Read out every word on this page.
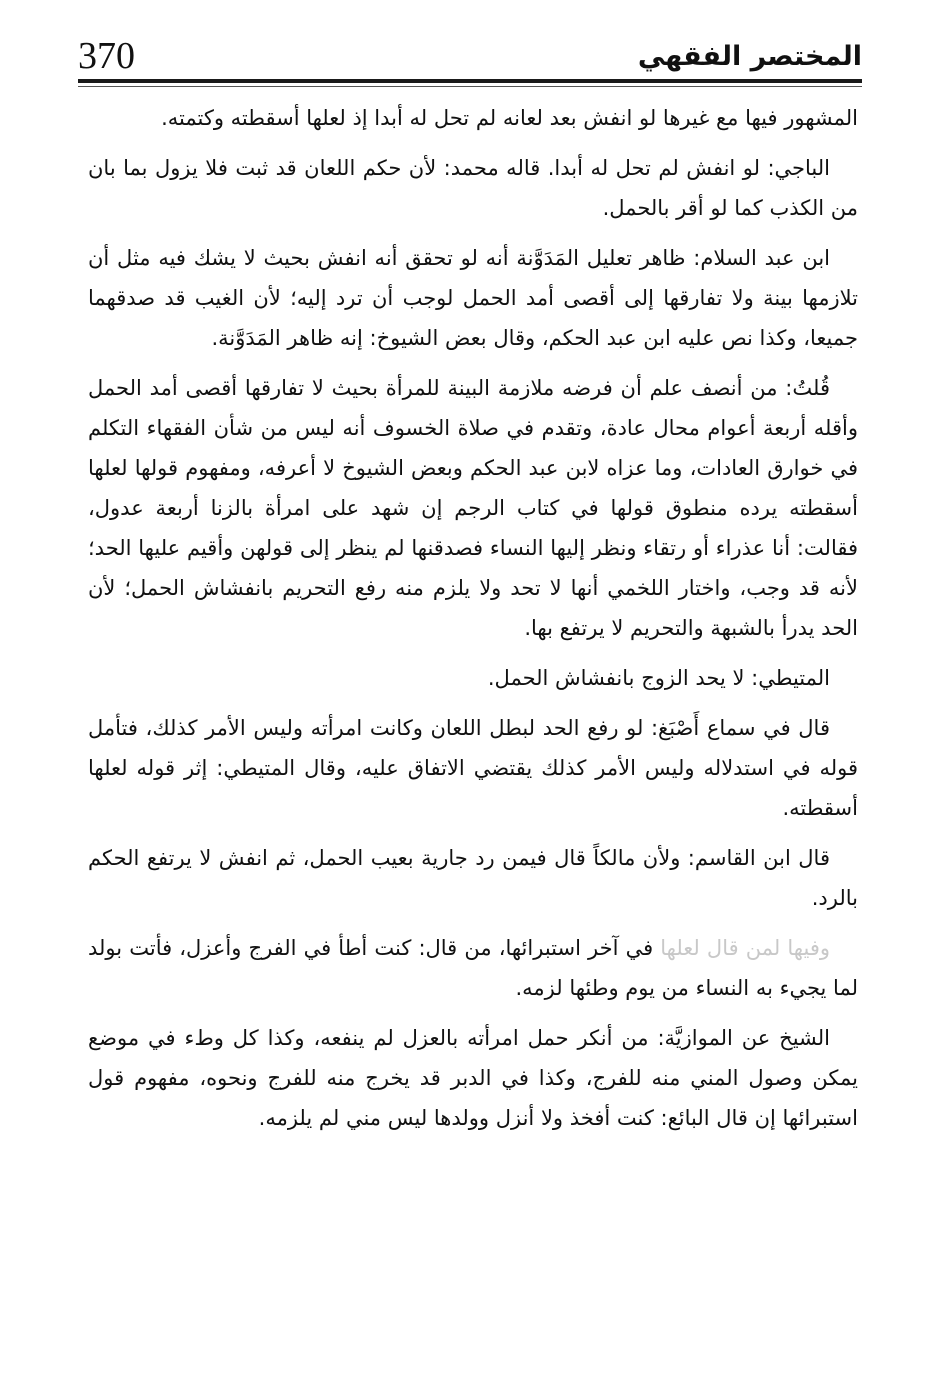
370	المختصر الفقهي

المشهور فيها مع غيرها لو انفش بعد لعانه لم تحل له أبدا إذ لعلها أسقطته وكتمته.

الباجي: لو انفش لم تحل له أبدا. قاله محمد: لأن حكم اللعان قد ثبت فلا يزول بما بان من الكذب كما لو أقر بالحمل.

ابن عبد السلام: ظاهر تعليل المَدَوَّنة أنه لو تحقق أنه انفش بحيث لا يشك فيه مثل أن تلازمها بينة ولا تفارقها إلى أقصى أمد الحمل لوجب أن ترد إليه؛ لأن الغيب قد صدقهما جميعا، وكذا نص عليه ابن عبد الحكم، وقال بعض الشيوخ: إنه ظاهر المَدَوَّنة.

قُلتُ: من أنصف علم أن فرضه ملازمة البينة للمرأة بحيث لا تفارقها أقصى أمد الحمل وأقله أربعة أعوام محال عادة، وتقدم في صلاة الخسوف أنه ليس من شأن الفقهاء التكلم في خوارق العادات، وما عزاه لابن عبد الحكم وبعض الشيوخ لا أعرفه، ومفهوم قولها لعلها أسقطته يرده منطوق قولها في كتاب الرجم إن شهد على امرأة بالزنا أربعة عدول، فقالت: أنا عذراء أو رتقاء ونظر إليها النساء فصدقنها لم ينظر إلى قولهن وأقيم عليها الحد؛ لأنه قد وجب، واختار اللخمي أنها لا تحد ولا يلزم منه رفع التحريم بانفشاش الحمل؛ لأن الحد يدرأ بالشبهة والتحريم لا يرتفع بها.

المتيطي: لا يحد الزوج بانفشاش الحمل.

قال في سماع أَصْبَغ: لو رفع الحد لبطل اللعان وكانت امرأته وليس الأمر كذلك، فتأمل قوله في استدلاله وليس الأمر كذلك يقتضي الاتفاق عليه، وقال المتيطي: إثر قوله لعلها أسقطته.

قال ابن القاسم: ولأن مالكاً قال فيمن رد جارية بعيب الحمل، ثم انفش لا يرتفع الحكم بالرد.

وفيها لمن قال لعلها في آخر استبرائها، من قال: كنت أطأ في الفرج وأعزل، فأتت بولد لما يجيء به النساء من يوم وطئها لزمه.

الشيخ عن الموازيَّة: من أنكر حمل امرأته بالعزل لم ينفعه، وكذا كل وطء في موضع يمكن وصول المني منه للفرج، وكذا في الدبر قد يخرج منه للفرج ونحوه، مفهوم قول استبرائها إن قال البائع: كنت أفخذ ولا أنزل وولدها ليس مني لم يلزمه.
